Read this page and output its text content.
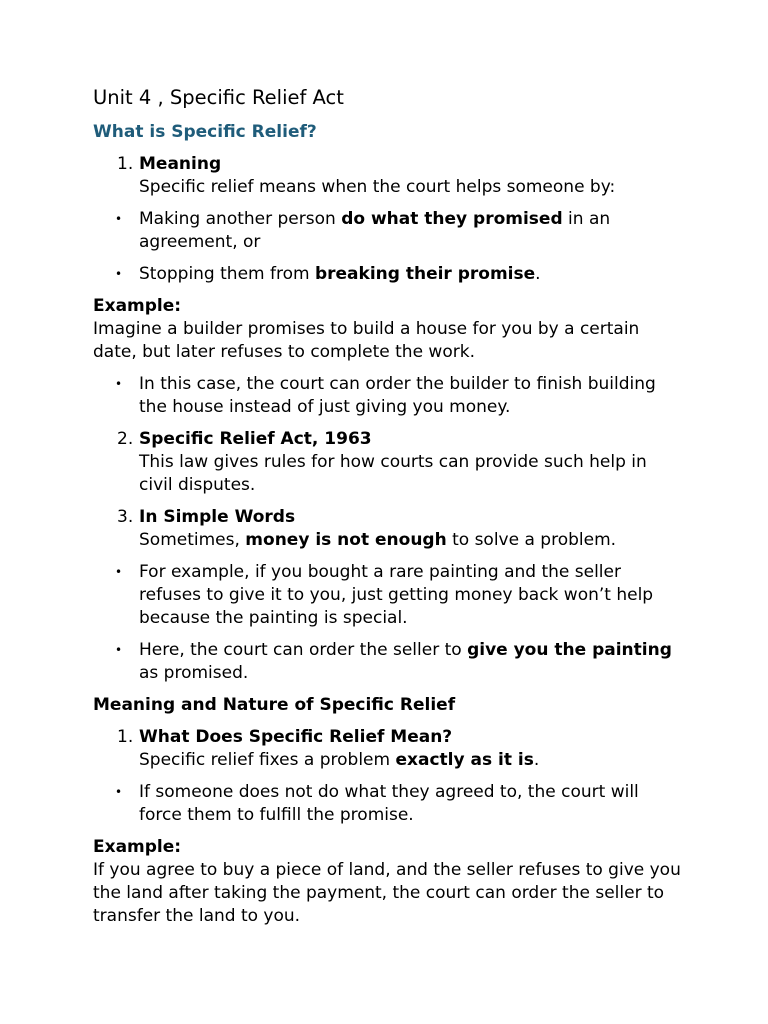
Unit 4 , Specific Relief Act
What is Specific Relief?
1. Meaning
Specific relief means when the court helps someone by:
• Making another person do what they promised in an agreement, or
• Stopping them from breaking their promise.
Example:
Imagine a builder promises to build a house for you by a certain date, but later refuses to complete the work.
• In this case, the court can order the builder to finish building the house instead of just giving you money.
2. Specific Relief Act, 1963
This law gives rules for how courts can provide such help in civil disputes.
3. In Simple Words
Sometimes, money is not enough to solve a problem.
• For example, if you bought a rare painting and the seller refuses to give it to you, just getting money back won’t help because the painting is special.
• Here, the court can order the seller to give you the painting as promised.
Meaning and Nature of Specific Relief
1. What Does Specific Relief Mean?
Specific relief fixes a problem exactly as it is.
• If someone does not do what they agreed to, the court will force them to fulfill the promise.
Example:
If you agree to buy a piece of land, and the seller refuses to give you the land after taking the payment, the court can order the seller to transfer the land to you.
